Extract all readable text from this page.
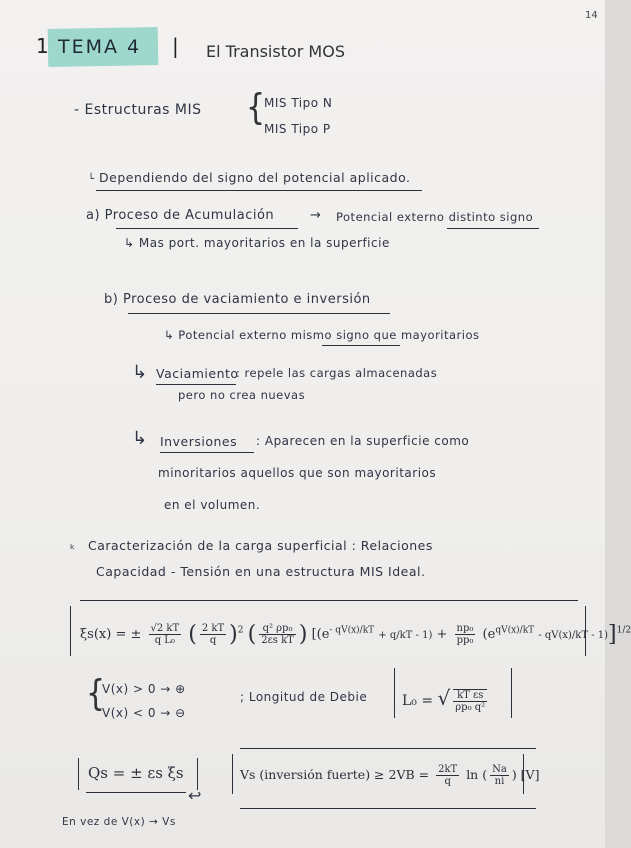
14
1 TEMA 4 | El Transistor MOS
- Estructuras MIS {
MIS Tipo N
MIS Tipo P
└ Dependiendo del signo del potencial aplicado.
a) Proceso de Acumulación	→ Potencial externo distinto signo
↳ Mas port. mayoritarios en la superficie
b) Proceso de vaciamiento e inversión
↳ Potencial externo mismo signo que mayoritarios
↳ Vaciamiento
: repele las cargas almacenadas
pero no crea nuevas
↳ Inversiones : Aparecen en la superficie como
minoritarios aquellos que son mayoritarios
en el volumen.
ᵏ Caracterización de la carga superficial : Relaciones
Capacidad - Tensión en una estructura MIS Ideal.
ξs(x) = ± $\frac{√2 kT}{\text{q L₀}}$ ( $\frac{2 kT}{q} )^2$ ( $\frac{\text{q² ρp₀}}{\text{2εs kT}}$ ) $[(e^{- qV(x)/kT} + q/kT - 1) + \frac{\text{np₀}}{\text{pp₀}} (e^{qV(x)/kT} - qV(x)/kT - 1)]^{1/2}$
{
V(x) > 0 → ⊕
V(x) < 0 → ⊖
; Longitud de Debie L₀ = √ $\frac{\text{kT εs}}{\text{ρp₀ q²}}$
Qs = ± εs ξs
↩
Vs (inversión fuerte) ≥ $2VB = \frac{2kT}{q}$ ln ( $\frac{Na}{ni}$ ) [V]
En vez de V(x) → Vs
